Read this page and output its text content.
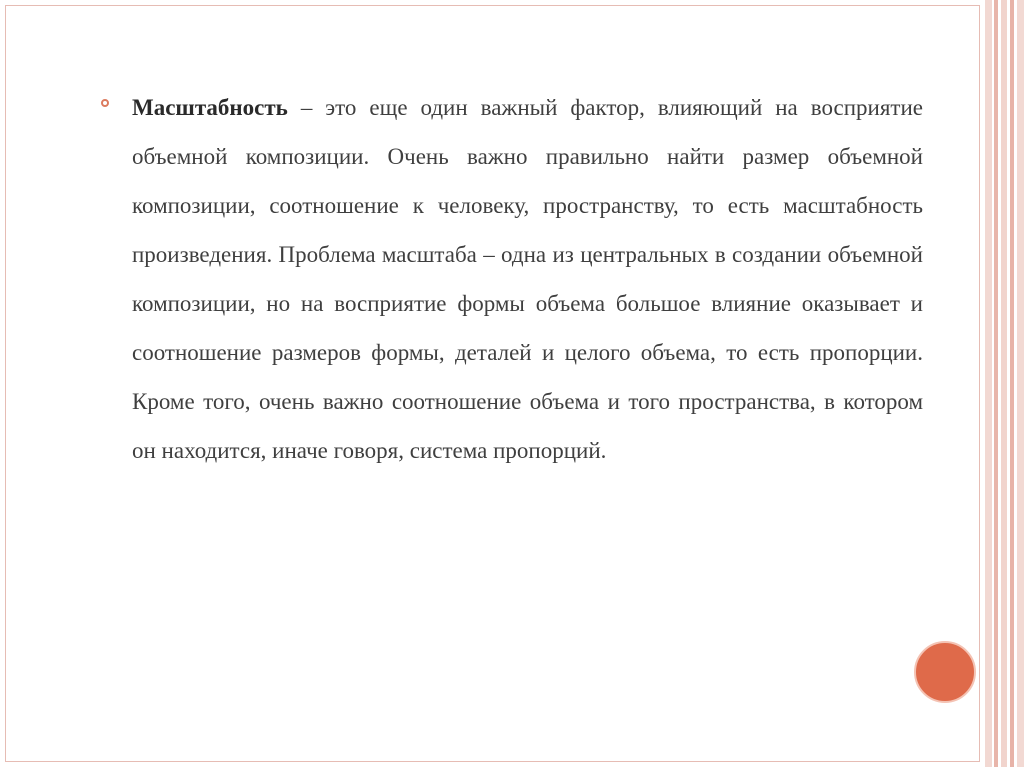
Масштабность – это еще один важный фактор, влияющий на восприятие объемной композиции. Очень важно правильно найти размер объемной композиции, соотношение к человеку, пространству, то есть масштабность произведения. Проблема масштаба – одна из центральных в создании объемной композиции, но на восприятие формы объема большое влияние оказывает и соотношение размеров формы, деталей и целого объема, то есть пропорции. Кроме того, очень важно соотношение объема и того пространства, в котором он находится, иначе говоря, система пропорций.
